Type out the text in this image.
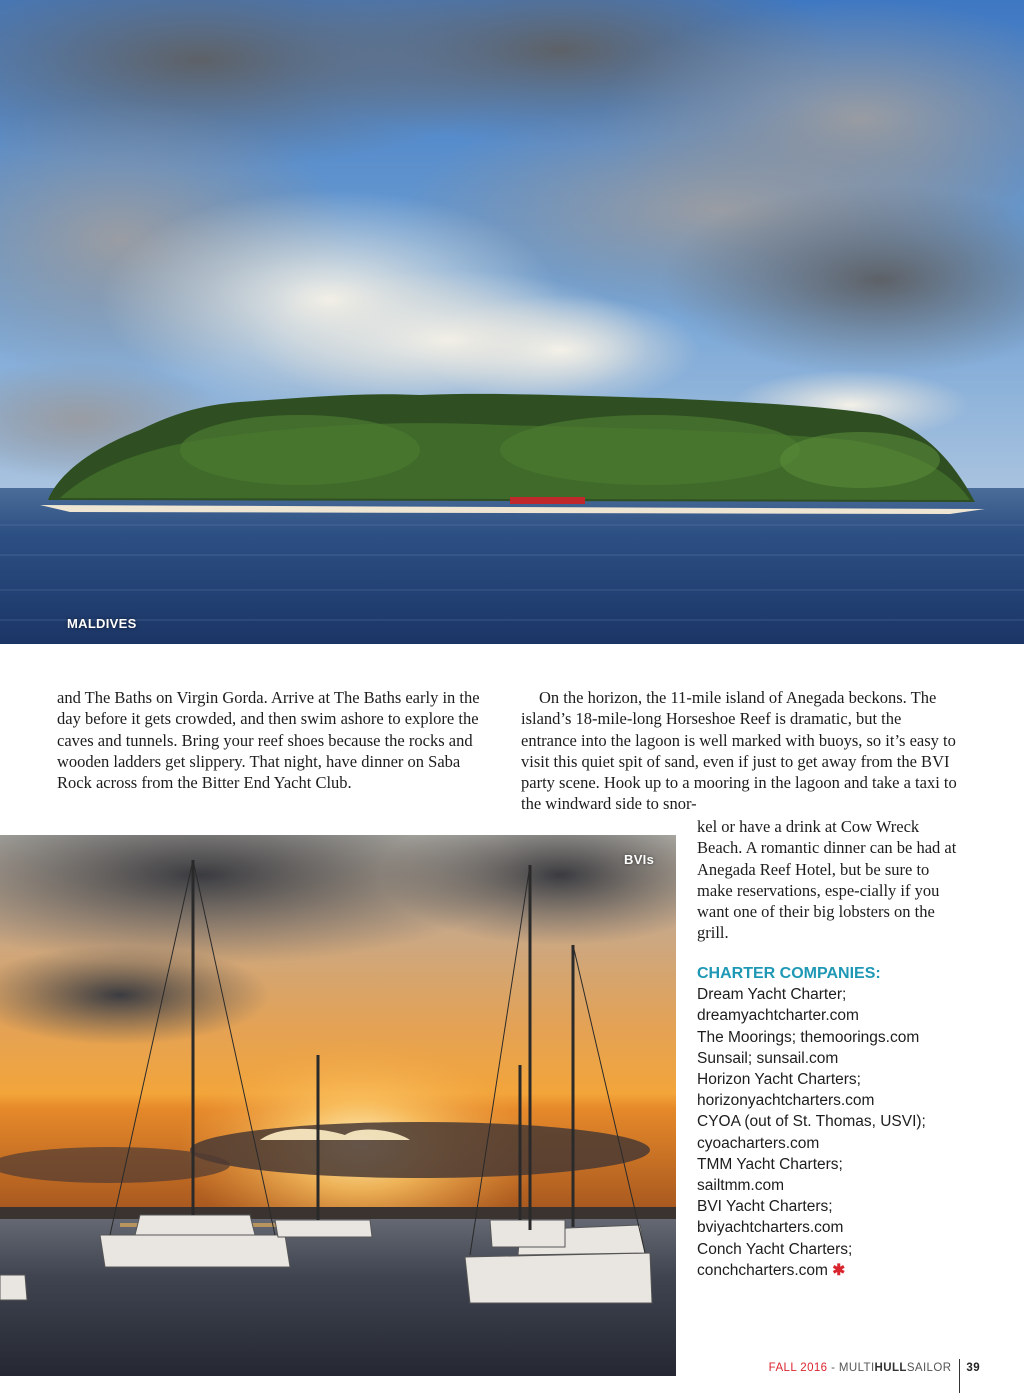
MALDIVES

and The Baths on Virgin Gorda. Arrive at The Baths early in the day before it gets crowded, and then swim ashore to explore the caves and tunnels. Bring your reef shoes because the rocks and wooden ladders get slippery. That night, have dinner on Saba Rock across from the Bitter End Yacht Club.

On the horizon, the 11-mile island of Anegada beckons. The island’s 18-mile-long Horseshoe Reef is dramatic, but the entrance into the lagoon is well marked with buoys, so it’s easy to visit this quiet spit of sand, even if just to get away from the BVI party scene. Hook up to a mooring in the lagoon and take a taxi to the windward side to snor-

kel or have a drink at Cow Wreck Beach. A romantic dinner can be had at Anegada Reef Hotel, but be sure to make reservations, espe-cially if you want one of their big lobsters on the grill.

BVIs
CHARTER COMPANIES:
Dream Yacht Charter;
dreamyachtcharter.com
The Moorings; themoorings.com
Sunsail; sunsail.com
Horizon Yacht Charters;
horizonyachtcharters.com
CYOA (out of St. Thomas, USVI);
cyoacharters.com
TMM Yacht Charters;
sailtmm.com
BVI Yacht Charters;
bviyachtcharters.com
Conch Yacht Charters;
conchcharters.com ✱
FALL 2016 - MULTIHULLSAILOR 39
